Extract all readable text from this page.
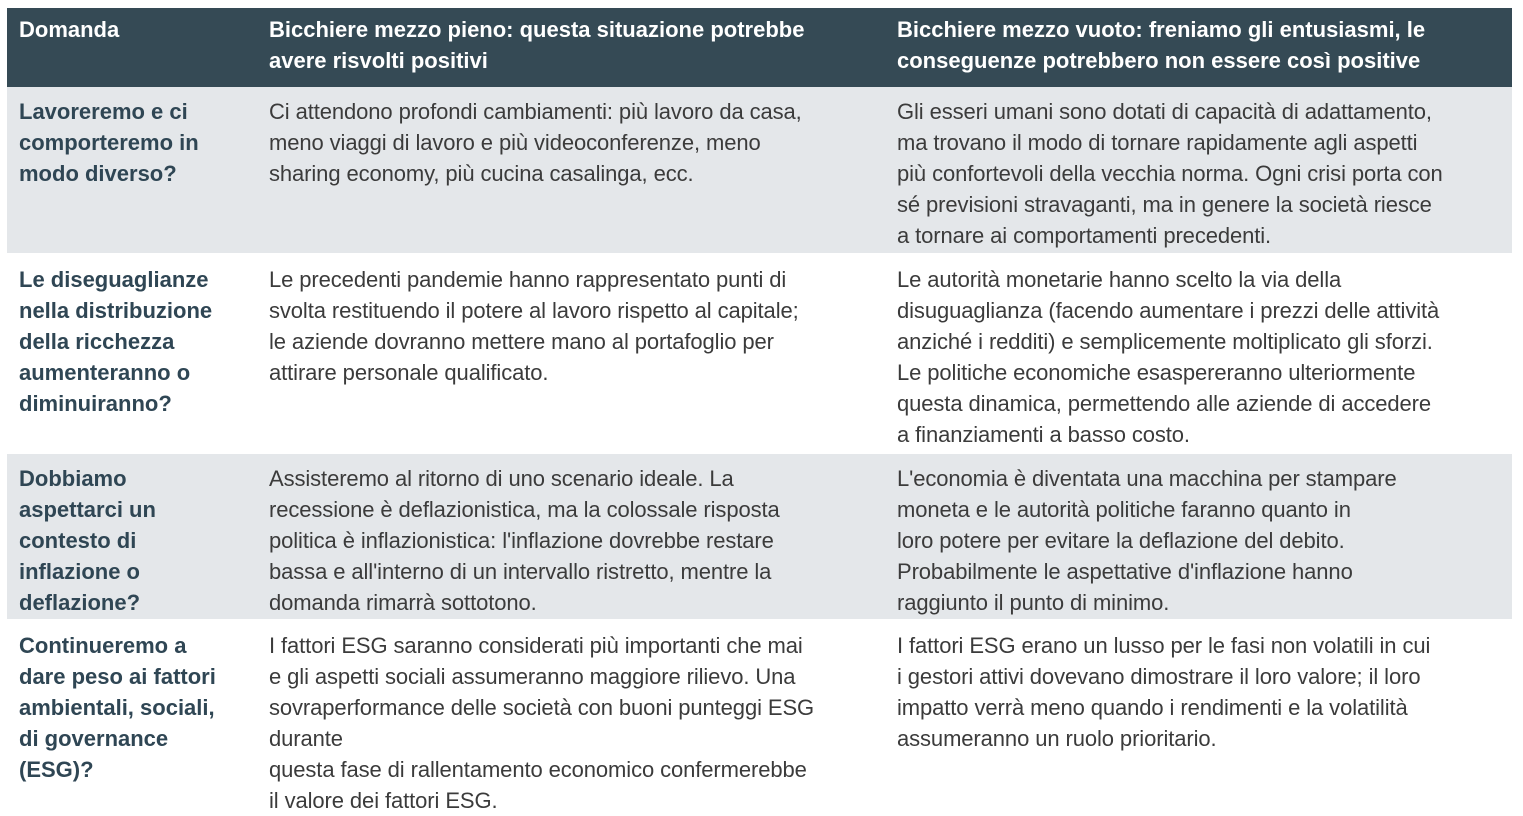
Domanda	Bicchiere mezzo pieno: questa situazione potrebbe
avere risvolti positivi
Bicchiere mezzo vuoto: freniamo gli entusiasmi, le
conseguenze potrebbero non essere così positive
Lavoreremo e ci
comporteremo in
modo diverso?
Ci attendono profondi cambiamenti: più lavoro da casa,
meno viaggi di lavoro e più videoconferenze, meno
sharing economy, più cucina casalinga, ecc.
Gli esseri umani sono dotati di capacità di adattamento,
ma trovano il modo di tornare rapidamente agli aspetti
più confortevoli della vecchia norma. Ogni crisi porta con
sé previsioni stravaganti, ma in genere la società riesce
a tornare ai comportamenti precedenti.
Le diseguaglianze
nella distribuzione
della ricchezza
aumenteranno o
diminuiranno?
Le precedenti pandemie hanno rappresentato punti di
svolta restituendo il potere al lavoro rispetto al capitale;
le aziende dovranno mettere mano al portafoglio per
attirare personale qualificato.
Le autorità monetarie hanno scelto la via della
disuguaglianza (facendo aumentare i prezzi delle attività
anziché i redditi) e semplicemente moltiplicato gli sforzi.
Le politiche economiche esaspereranno ulteriormente
questa dinamica, permettendo alle aziende di accedere
a finanziamenti a basso costo.
Dobbiamo
aspettarci un
contesto di
inflazione o
deflazione?
Assisteremo al ritorno di uno scenario ideale. La
recessione è deflazionistica, ma la colossale risposta
politica è inflazionistica: l'inflazione dovrebbe restare
bassa e all'interno di un intervallo ristretto, mentre la
domanda rimarrà sottotono.
L'economia è diventata una macchina per stampare
moneta e le autorità politiche faranno quanto in
loro potere per evitare la deflazione del debito.
Probabilmente le aspettative d'inflazione hanno
raggiunto il punto di minimo.
Continueremo a
dare peso ai fattori
ambientali, sociali,
di governance
(ESG)?
I fattori ESG saranno considerati più importanti che mai
e gli aspetti sociali assumeranno maggiore rilievo. Una
sovraperformance delle società con buoni punteggi ESG
durante
questa fase di rallentamento economico confermerebbe
il valore dei fattori ESG.
I fattori ESG erano un lusso per le fasi non volatili in cui
i gestori attivi dovevano dimostrare il loro valore; il loro
impatto verrà meno quando i rendimenti e la volatilità
assumeranno un ruolo prioritario.
